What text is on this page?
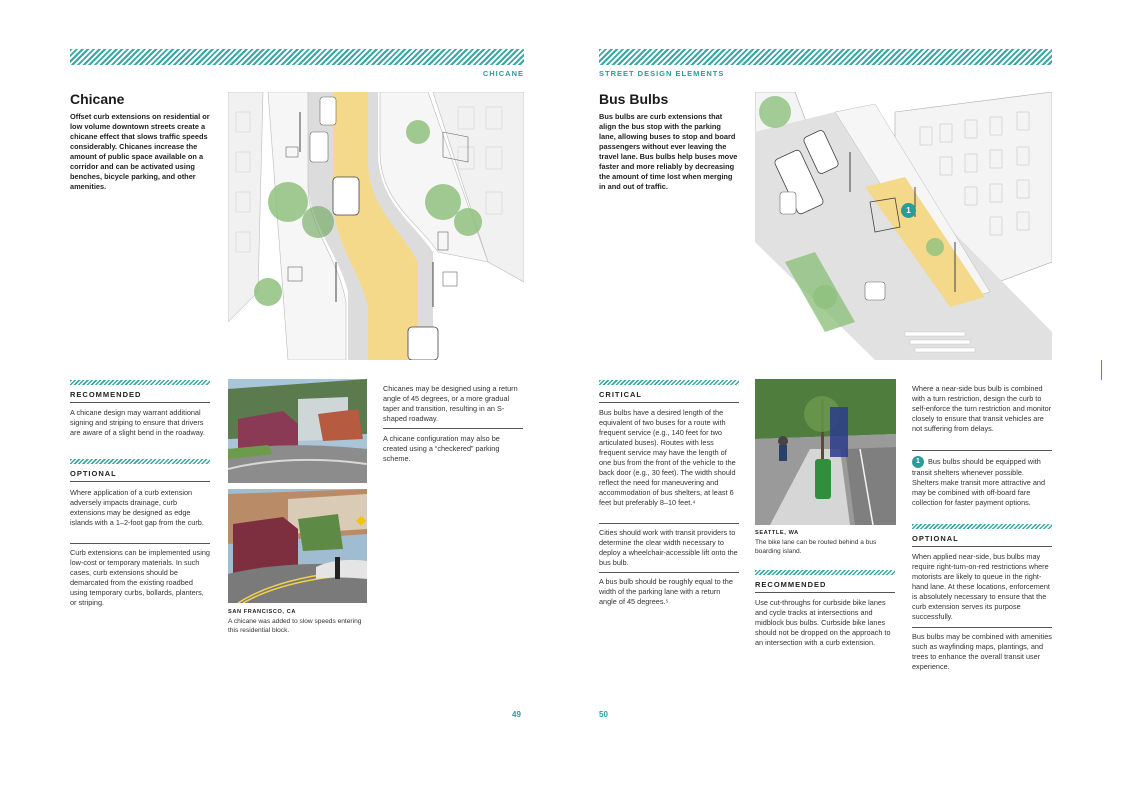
CHICANE
Chicane
Offset curb extensions on residential or low volume downtown streets create a chicane effect that slows traffic speeds considerably. Chicanes increase the amount of public space available on a corridor and can be activated using benches, bicycle parking, and other amenities.
RECOMMENDED
A chicane design may warrant additional signing and striping to ensure that drivers are aware of a slight bend in the roadway.
OPTIONAL
Where application of a curb extension adversely impacts drainage, curb extensions may be designed as edge islands with a 1–2-foot gap from the curb.
Curb extensions can be implemented using low-cost or temporary materials. In such cases, curb extensions should be demarcated from the existing roadbed using temporary curbs, bollards, planters, or striping.
SAN FRANCISCO, CA
A chicane was added to slow speeds entering this residential block.
Chicanes may be designed using a return angle of 45 degrees, or a more gradual taper and transition, resulting in an S-shaped roadway.
A chicane configuration may also be created using a “checkered” parking scheme.
49
STREET DESIGN ELEMENTS
Bus Bulbs
Bus bulbs are curb extensions that align the bus stop with the parking lane, allowing buses to stop and board passengers without ever leaving the travel lane. Bus bulbs help buses move faster and more reliably by decreasing the amount of time lost when merging in and out of traffic.
1
CRITICAL
Bus bulbs have a desired length of the equivalent of two buses for a route with frequent service (e.g., 140 feet for two articulated buses). Routes with less frequent service may have the length of one bus from the front of the vehicle to the back door (e.g., 30 feet). The width should reflect the need for maneuvering and accommodation of bus shelters, at least 6 feet but preferably 8–10 feet.⁴
Cities should work with transit providers to determine the clear width necessary to deploy a wheelchair-accessible lift onto the bus bulb.
A bus bulb should be roughly equal to the width of the parking lane with a return angle of 45 degrees.⁵
SEATTLE, WA
The bike lane can be routed behind a bus boarding island.
RECOMMENDED
Use cut-throughs for curbside bike lanes and cycle tracks at intersections and midblock bus bulbs. Curbside bike lanes should not be dropped on the approach to an intersection with a curb extension.
Where a near-side bus bulb is combined with a turn restriction, design the curb to self-enforce the turn restriction and monitor closely to ensure that transit vehicles are not suffering from delays.
1 Bus bulbs should be equipped with transit shelters whenever possible. Shelters make transit more attractive and may be combined with off-board fare collection for faster payment options.
OPTIONAL
When applied near-side, bus bulbs may require right-turn-on-red restrictions where motorists are likely to queue in the right-hand lane. At these locations, enforcement is absolutely necessary to ensure that the curb extension serves its purpose successfully.
Bus bulbs may be combined with amenities such as wayfinding maps, plantings, and trees to enhance the overall transit user experience.
50
